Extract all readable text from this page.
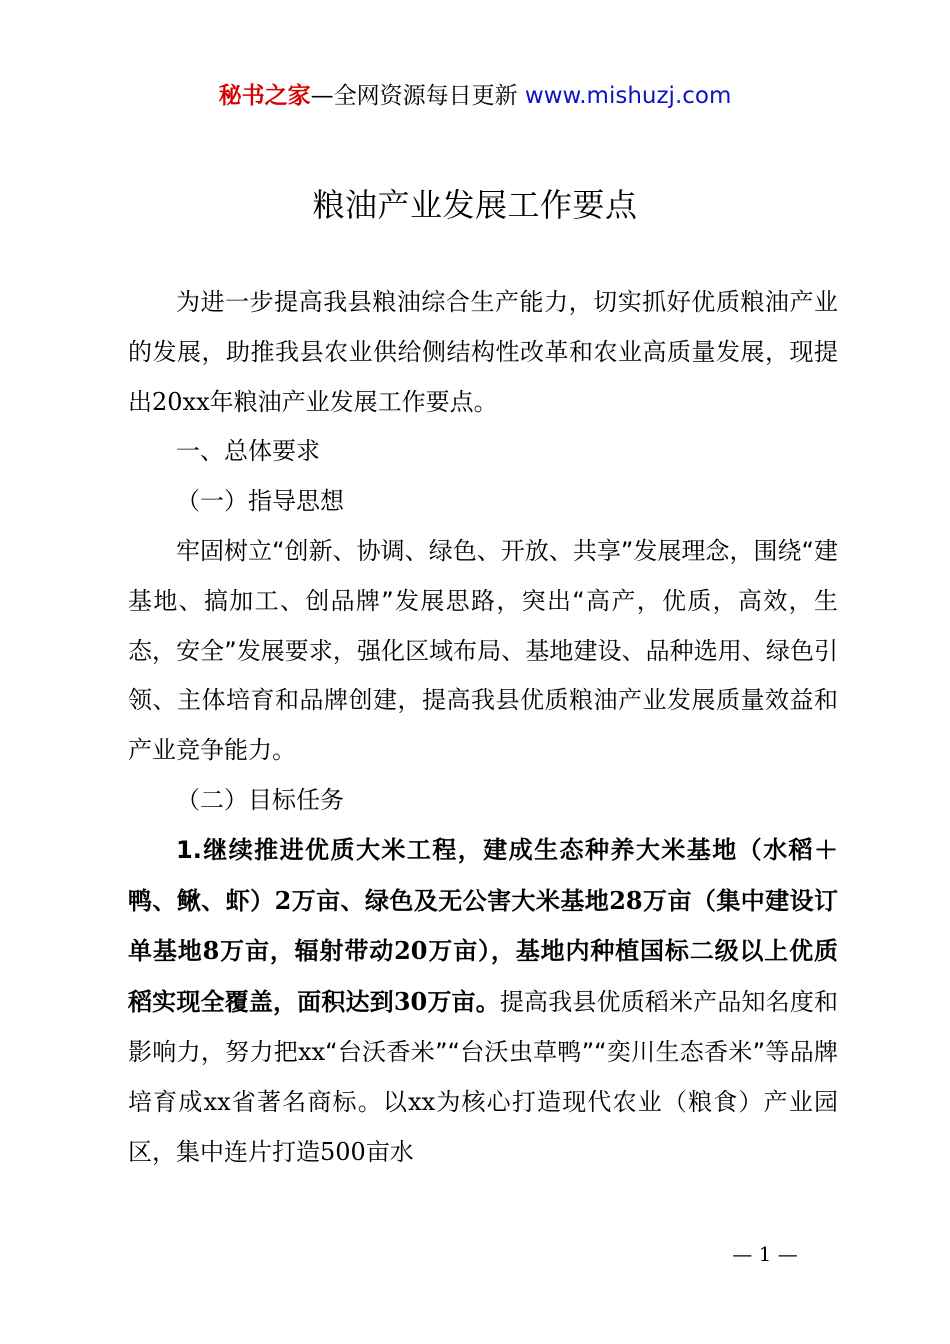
秘书之家—全网资源每日更新 www.mishuzj.com
粮油产业发展工作要点

为进一步提高我县粮油综合生产能力，切实抓好优质粮油产业的发展，助推我县农业供给侧结构性改革和农业高质量发展，现提出20xx年粮油产业发展工作要点。

一、总体要求

（一）指导思想

牢固树立“创新、协调、绿色、开放、共享”发展理念，围绕“建基地、搞加工、创品牌”发展思路，突出“高产，优质，高效，生态，安全”发展要求，强化区域布局、基地建设、品种选用、绿色引领、主体培育和品牌创建，提高我县优质粮油产业发展质量效益和产业竞争能力。

（二）目标任务

1.继续推进优质大米工程，建成生态种养大米基地（水稻＋鸭、鳅、虾）2万亩、绿色及无公害大米基地28万亩（集中建设订单基地8万亩，辐射带动20万亩），基地内种植国标二级以上优质稻实现全覆盖，面积达到30万亩。提高我县优质稻米产品知名度和影响力，努力把xx“台沃香米”“台沃虫草鸭”“奕川生态香米”等品牌培育成xx省著名商标。以xx为核心打造现代农业（粮食）产业园区，集中连片打造500亩水

— 1 —
